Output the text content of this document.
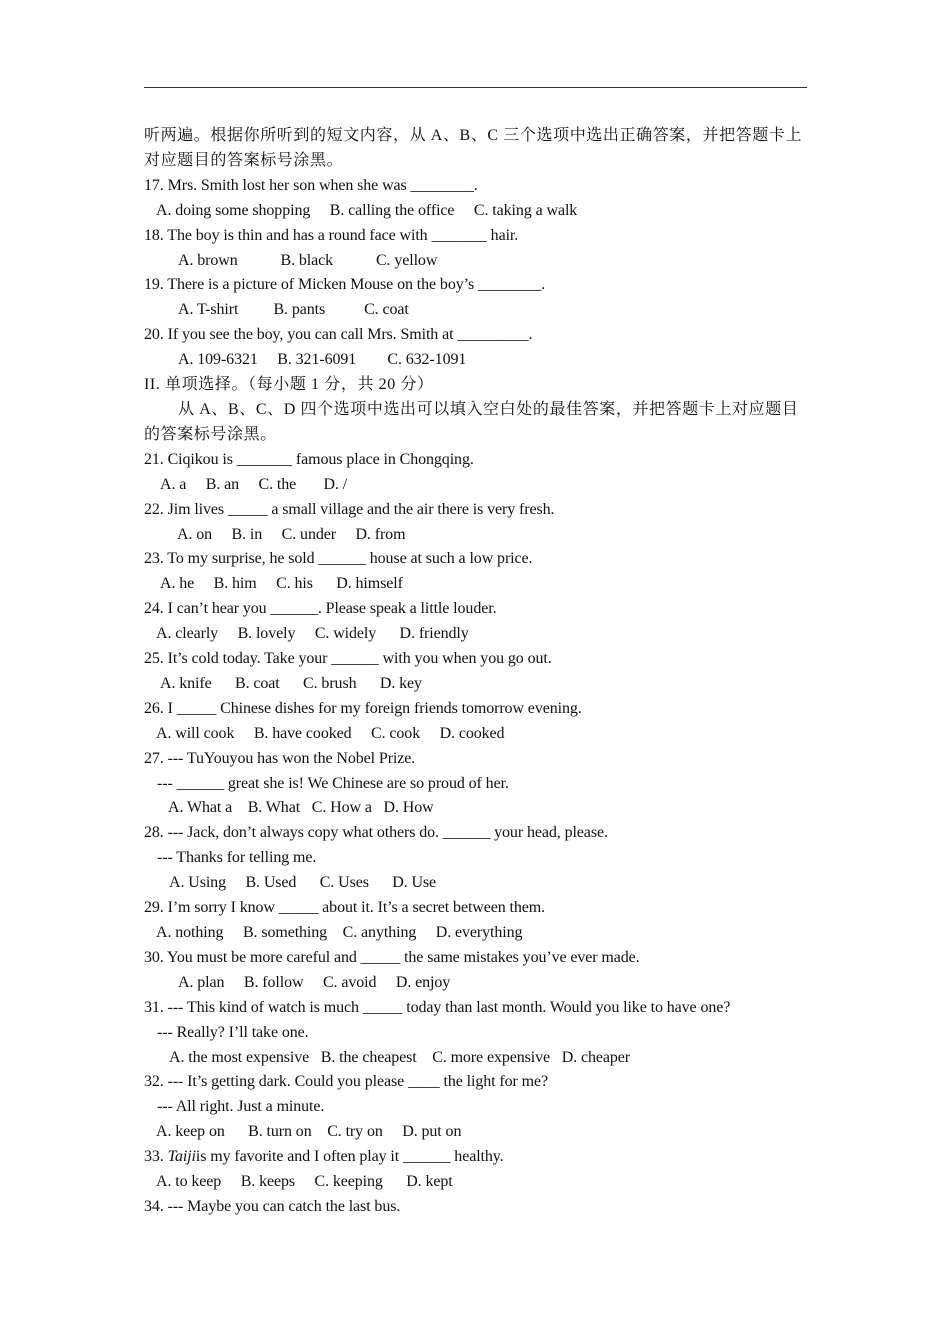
听两遍。根据你所听到的短文内容，从 A、B、C 三个选项中选出正确答案，并把答题卡上
对应题目的答案标号涂黑。
17. Mrs. Smith lost her son when she was ________.
A. doing some shopping     B. calling the office     C. taking a walk
18. The boy is thin and has a round face with _______ hair.
A. brown           B. black           C. yellow
19. There is a picture of Micken Mouse on the boy’s ________.
A. T-shirt         B. pants          C. coat
20. If you see the boy, you can call Mrs. Smith at _________.
A. 109-6321     B. 321-6091        C. 632-1091
II. 单项选择。（每小题 1 分，共 20 分）
从 A、B、C、D 四个选项中选出可以填入空白处的最佳答案，并把答题卡上对应题目
的答案标号涂黑。
21. Ciqikou is _______ famous place in Chongqing.
A. a     B. an     C. the       D. /
22. Jim lives _____ a small village and the air there is very fresh.
A. on     B. in     C. under     D. from
23. To my surprise, he sold ______ house at such a low price.
A. he     B. him     C. his      D. himself
24. I can’t hear you ______. Please speak a little louder.
A. clearly     B. lovely     C. widely      D. friendly
25. It’s cold today. Take your ______ with you when you go out.
A. knife      B. coat      C. brush      D. key
26. I _____ Chinese dishes for my foreign friends tomorrow evening.
A. will cook     B. have cooked     C. cook     D. cooked
27. --- TuYouyou has won the Nobel Prize.
--- ______ great she is! We Chinese are so proud of her.
A. What a    B. What   C. How a   D. How
28. --- Jack, don’t always copy what others do. ______ your head, please.
--- Thanks for telling me.
A. Using     B. Used      C. Uses      D. Use
29. I’m sorry I know _____ about it. It’s a secret between them.
A. nothing     B. something    C. anything     D. everything
30. You must be more careful and _____ the same mistakes you’ve ever made.
A. plan     B. follow     C. avoid     D. enjoy
31. --- This kind of watch is much _____ today than last month. Would you like to have one?
--- Really? I’ll take one.
A. the most expensive   B. the cheapest    C. more expensive   D. cheaper
32. --- It’s getting dark. Could you please ____ the light for me?
--- All right. Just a minute.
A. keep on      B. turn on    C. try on     D. put on
33. Taijiis my favorite and I often play it ______ healthy.
A. to keep     B. keeps     C. keeping      D. kept
34. --- Maybe you can catch the last bus.
